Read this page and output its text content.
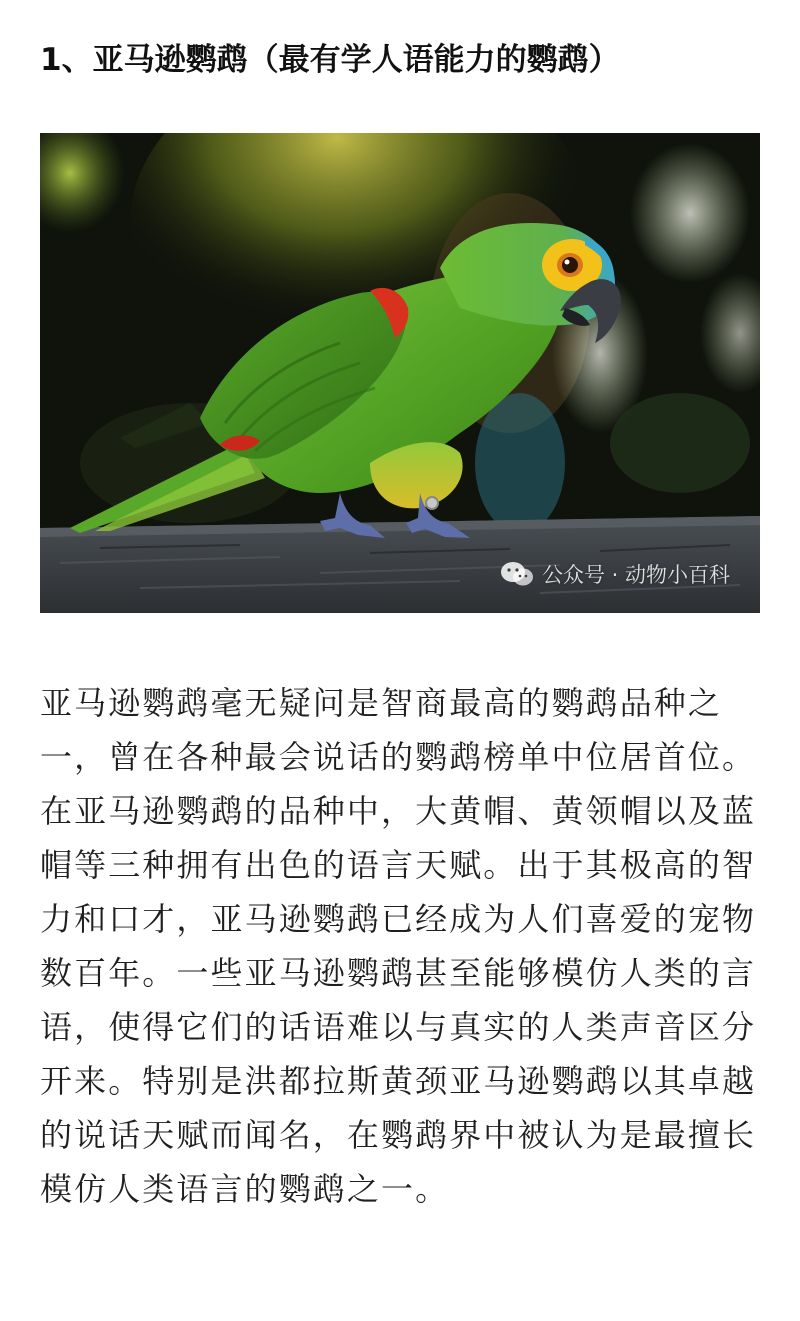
1、亚马逊鹦鹉（最有学人语能力的鹦鹉）
公众号 · 动物小百科

亚马逊鹦鹉毫无疑问是智商最高的鹦鹉品种之一，曾在各种最会说话的鹦鹉榜单中位居首位。在亚马逊鹦鹉的品种中，大黄帽、黄领帽以及蓝帽等三种拥有出色的语言天赋。出于其极高的智力和口才，亚马逊鹦鹉已经成为人们喜爱的宠物数百年。一些亚马逊鹦鹉甚至能够模仿人类的言语，使得它们的话语难以与真实的人类声音区分开来。特别是洪都拉斯黄颈亚马逊鹦鹉以其卓越的说话天赋而闻名，在鹦鹉界中被认为是最擅长模仿人类语言的鹦鹉之一。
